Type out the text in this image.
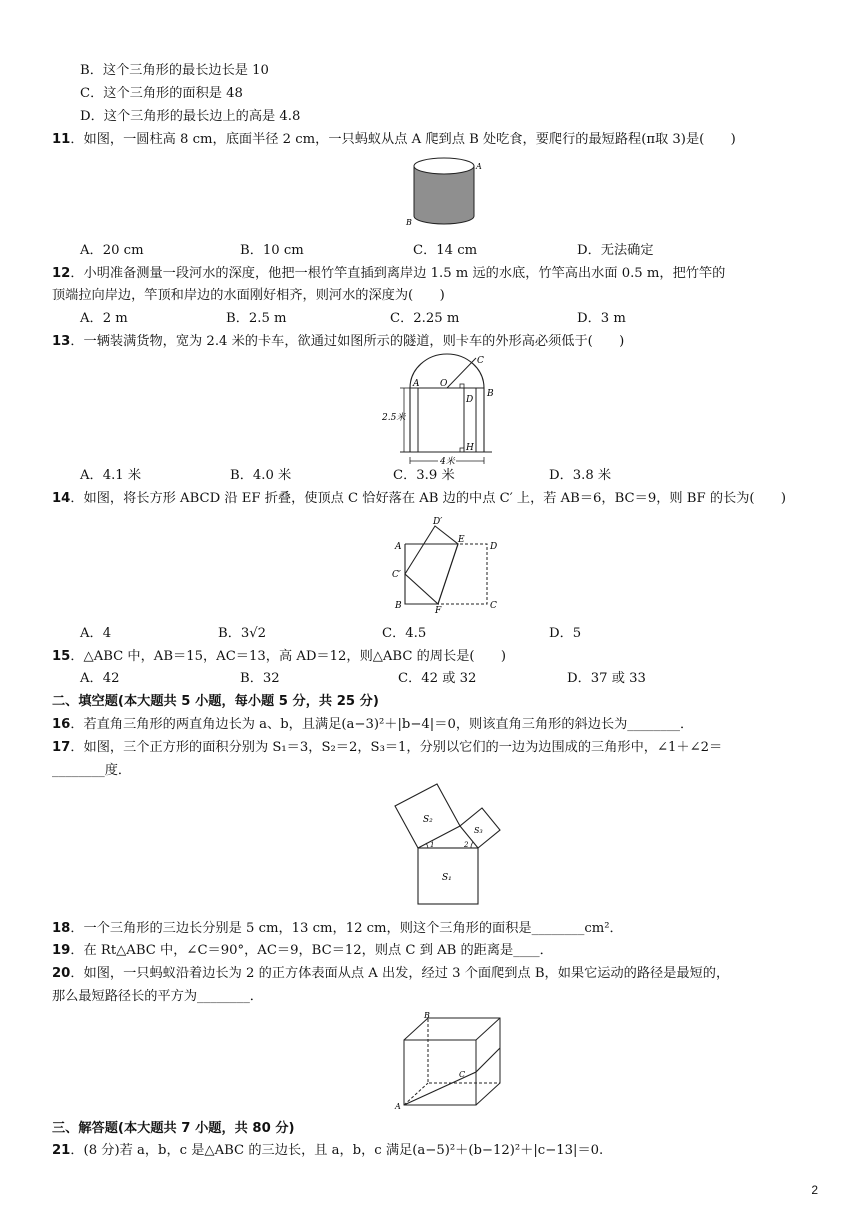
B．这个三角形的最长边长是 10
C．这个三角形的面积是 48
D．这个三角形的最长边上的高是 4.8
11．如图，一圆柱高 8 cm，底面半径 2 cm，一只蚂蚁从点 A 爬到点 B 处吃食，要爬行的最短路程(π取 3)是(　　)
A
B
A．20 cm	B．10 cm	C．14 cm	D．无法确定
12．小明准备测量一段河水的深度，他把一根竹竿直插到离岸边 1.5 m 远的水底，竹竿高出水面 0.5 m，把竹竿的
顶端拉向岸边，竿顶和岸边的水面刚好相齐，则河水的深度为(　　)
A．2 m	B．2.5 m	C．2.25 m	D．3 m
13．一辆装满货物，宽为 2.4 米的卡车，欲通过如图所示的隧道，则卡车的外形高必须低于(　　)
C
A O
B
D
H
2.5米
4米
A．4.1 米	B．4.0 米	C．3.9 米	D．3.8 米
14．如图，将长方形 ABCD 沿 EF 折叠，使顶点 C 恰好落在 AB 边的中点 C′ 上，若 AB＝6，BC＝9，则 BF 的长为(　　)
A
D′
E
D
C′
B	F	C
A．4	B．3√2	C．4.5	D．5
15．△ABC 中，AB＝15，AC＝13，高 AD＝12，则△ABC 的周长是(　　)
A．42	B．32	C．42 或 32	D．37 或 33
二、填空题(本大题共 5 小题，每小题 5 分，共 25 分)
16．若直角三角形的两直角边长为 a、b，且满足(a−3)²＋|b−4|＝0，则该直角三角形的斜边长为________．
17．如图，三个正方形的面积分别为 S₁＝3，S₂＝2，S₃＝1，分别以它们的一边为边围成的三角形中，∠1＋∠2＝
________度．
S₁
S₂
S₃
1	2
18．一个三角形的三边长分别是 5 cm，13 cm，12 cm，则这个三角形的面积是________cm²．
19．在 Rt△ABC 中，∠C＝90°，AC＝9，BC＝12，则点 C 到 AB 的距离是____．
20．如图，一只蚂蚁沿着边长为 2 的正方体表面从点 A 出发，经过 3 个面爬到点 B，如果它运动的路径是最短的，
那么最短路径长的平方为________．
B
C
A
三、解答题(本大题共 7 小题，共 80 分)
21．(8 分)若 a，b，c 是△ABC 的三边长，且 a，b，c 满足(a−5)²＋(b−12)²＋|c−13|＝0.
2
